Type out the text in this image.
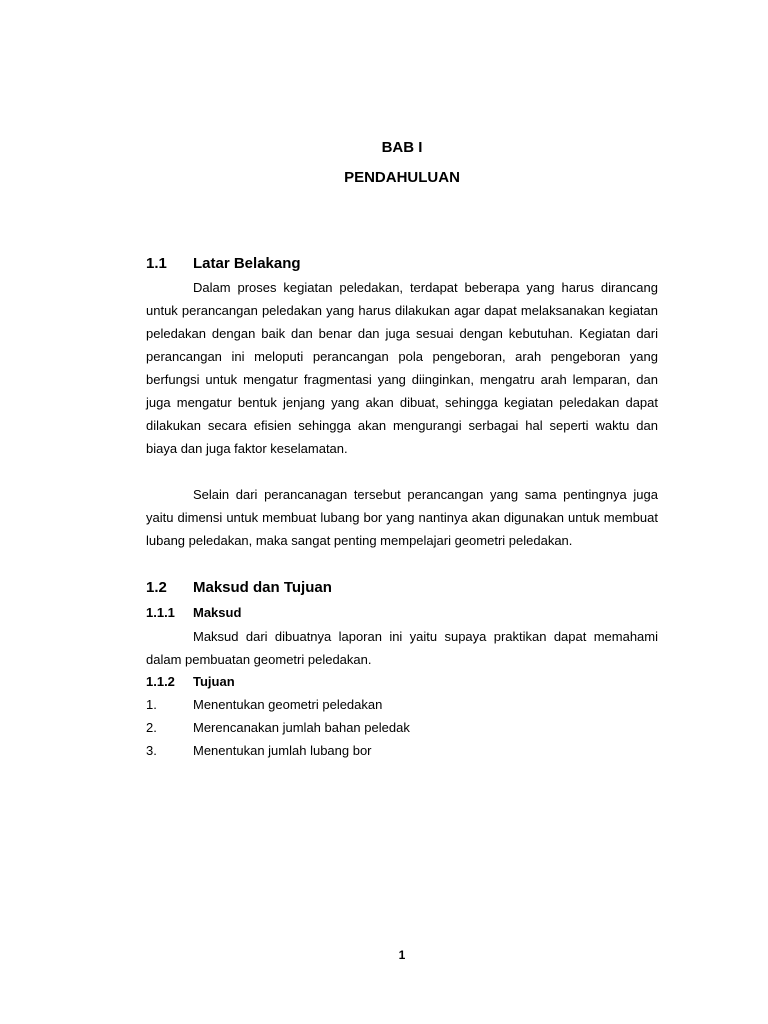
BAB I
PENDAHULUAN
1.1 Latar Belakang

Dalam proses kegiatan peledakan, terdapat beberapa yang harus dirancang untuk perancangan peledakan yang harus dilakukan agar dapat melaksanakan kegiatan peledakan dengan baik dan benar dan juga sesuai dengan kebutuhan. Kegiatan dari perancangan ini meloputi perancangan pola pengeboran, arah pengeboran yang berfungsi untuk mengatur fragmentasi yang diinginkan, mengatru arah lemparan, dan juga mengatur bentuk jenjang yang akan dibuat, sehingga kegiatan peledakan dapat dilakukan secara efisien sehingga akan mengurangi serbagai hal seperti waktu dan biaya dan juga faktor keselamatan.

Selain dari perancanagan tersebut perancangan yang sama pentingnya juga yaitu dimensi untuk membuat lubang bor yang nantinya akan digunakan untuk membuat lubang peledakan, maka sangat penting mempelajari geometri peledakan.

1.2 Maksud dan Tujuan
1.1.1 Maksud

Maksud dari dibuatnya laporan ini yaitu supaya praktikan dapat memahami dalam pembuatan geometri peledakan.

1.1.2 Tujuan
1.	Menentukan geometri peledakan
2.	Merencanakan jumlah bahan peledak
3.	Menentukan jumlah lubang bor
1
